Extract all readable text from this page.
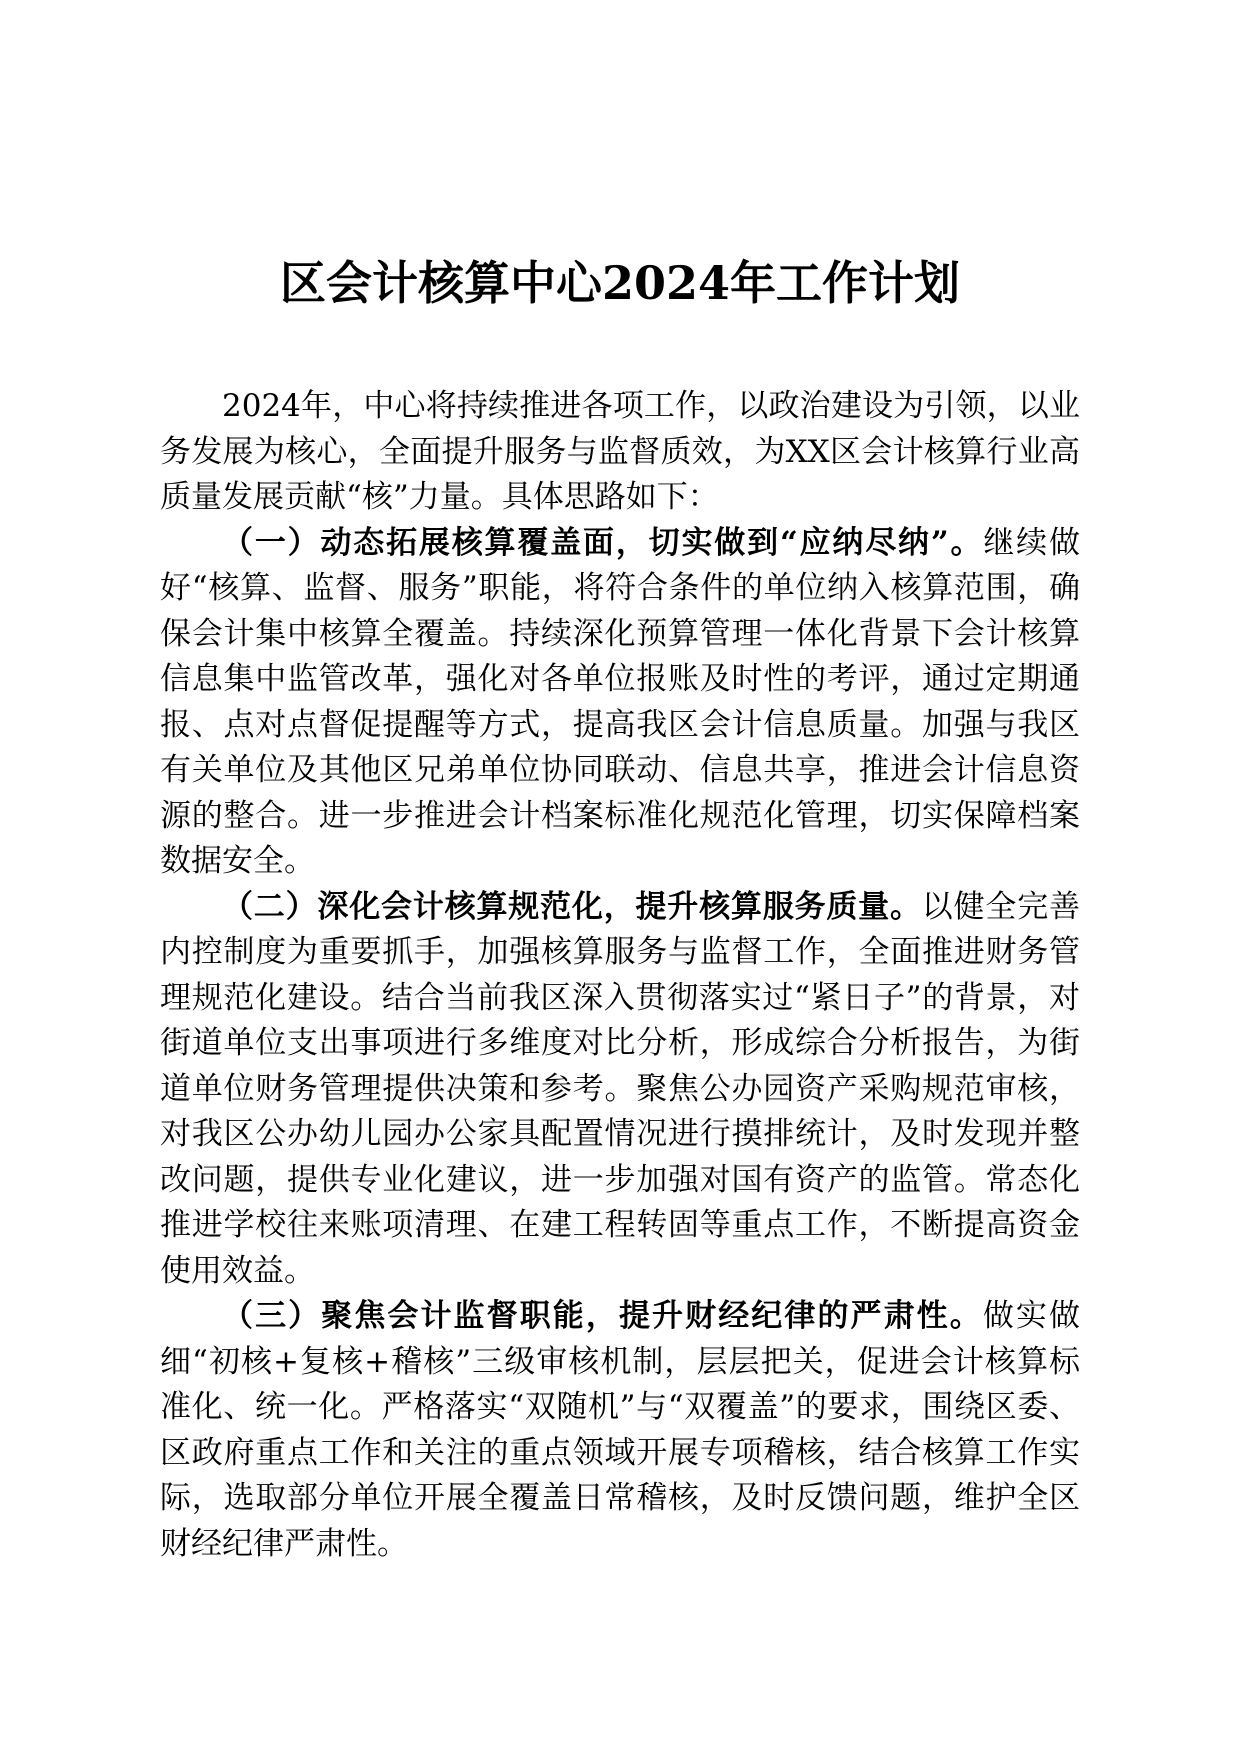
区会计核算中心2024年工作计划

2024年，中心将持续推进各项工作，以政治建设为引领，以业务发展为核心，全面提升服务与监督质效，为XX区会计核算行业高质量发展贡献“核”力量。具体思路如下：

（一）动态拓展核算覆盖面，切实做到“应纳尽纳”。继续做好“核算、监督、服务”职能，将符合条件的单位纳入核算范围，确保会计集中核算全覆盖。持续深化预算管理一体化背景下会计核算信息集中监管改革，强化对各单位报账及时性的考评，通过定期通报、点对点督促提醒等方式，提高我区会计信息质量。加强与我区有关单位及其他区兄弟单位协同联动、信息共享，推进会计信息资源的整合。进一步推进会计档案标准化规范化管理，切实保障档案数据安全。

（二）深化会计核算规范化，提升核算服务质量。以健全完善内控制度为重要抓手，加强核算服务与监督工作，全面推进财务管理规范化建设。结合当前我区深入贯彻落实过“紧日子”的背景，对街道单位支出事项进行多维度对比分析，形成综合分析报告，为街道单位财务管理提供决策和参考。聚焦公办园资产采购规范审核，对我区公办幼儿园办公家具配置情况进行摸排统计，及时发现并整改问题，提供专业化建议，进一步加强对国有资产的监管。常态化推进学校往来账项清理、在建工程转固等重点工作，不断提高资金使用效益。

（三）聚焦会计监督职能，提升财经纪律的严肃性。做实做细“初核+复核+稽核”三级审核机制，层层把关，促进会计核算标准化、统一化。严格落实“双随机”与“双覆盖”的要求，围绕区委、区政府重点工作和关注的重点领域开展专项稽核，结合核算工作实际，选取部分单位开展全覆盖日常稽核，及时反馈问题，维护全区财经纪律严肃性。
